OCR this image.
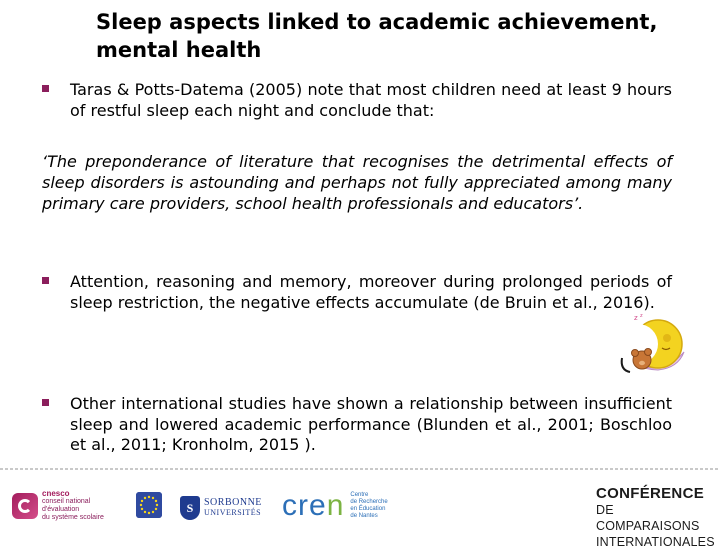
Sleep aspects linked to academic achievement, mental health
Taras & Potts-Datema (2005) note that most children need at least 9 hours of restful sleep each night and conclude that:
‘The preponderance of literature that recognises the detrimental effects of sleep disorders is astounding and perhaps not fully appreciated among many primary care providers, school health professionals and educators’.
Attention, reasoning and memory, moreover during prolonged periods of sleep restriction, the negative effects accumulate (de Bruin et al., 2016).
z z
Other international studies have shown a relationship between insufficient sleep and lowered academic performance (Blunden et al., 2001; Boschloo et al., 2011; Kronholm, 2015 ).
cnesco
conseil national
d'évaluation
du système scolaire
S	SORBONNE
UNIVERSITÉS cren Centre
de Recherche
en Éducation
de Nantes
CONFÉRENCE
DE COMPARAISONS
INTERNATIONALES
